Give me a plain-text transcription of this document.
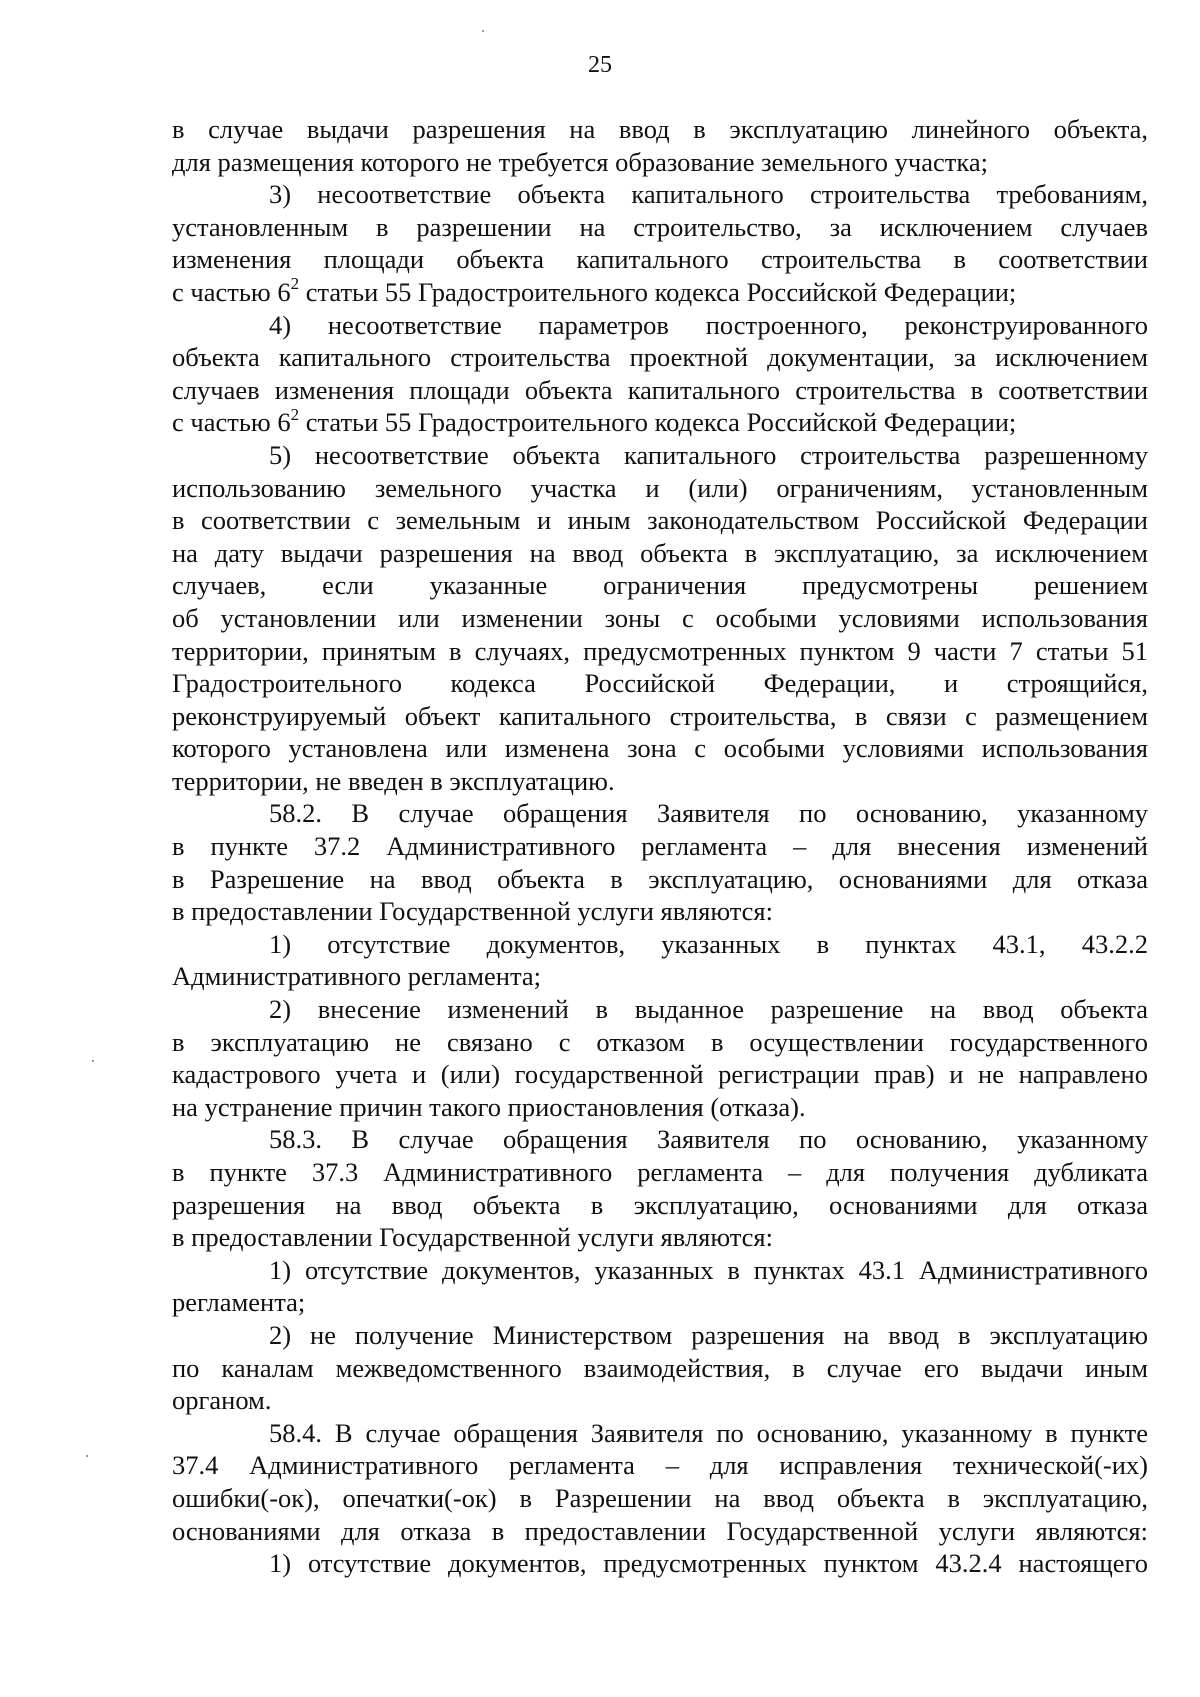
25
в случае выдачи разрешения на ввод в эксплуатацию линейного объекта,
для размещения которого не требуется образование земельного участка;
3) несоответствие объекта капитального строительства требованиям,
установленным в разрешении на строительство, за исключением случаев
изменения площади объекта капитального строительства в соответствии
с частью $6^2$ статьи 55 Градостроительного кодекса Российской Федерации;
4) несоответствие параметров построенного, реконструированного
объекта капитального строительства проектной документации, за исключением
случаев изменения площади объекта капитального строительства в соответствии
с частью $6^2$ статьи 55 Градостроительного кодекса Российской Федерации;
5) несоответствие объекта капитального строительства разрешенному
использованию земельного участка и (или) ограничениям, установленным
в соответствии с земельным и иным законодательством Российской Федерации
на дату выдачи разрешения на ввод объекта в эксплуатацию, за исключением
случаев, если указанные ограничения предусмотрены решением
об установлении или изменении зоны с особыми условиями использования
территории, принятым в случаях, предусмотренных пунктом 9 части 7 статьи 51
Градостроительного кодекса Российской Федерации, и строящийся,
реконструируемый объект капитального строительства, в связи с размещением
которого установлена или изменена зона с особыми условиями использования
территории, не введен в эксплуатацию.
58.2. В случае обращения Заявителя по основанию, указанному
в пункте 37.2 Административного регламента – для внесения изменений
в Разрешение на ввод объекта в эксплуатацию, основаниями для отказа
в предоставлении Государственной услуги являются:
1) отсутствие документов, указанных в пунктах 43.1, 43.2.2
Административного регламента;
2) внесение изменений в выданное разрешение на ввод объекта
в эксплуатацию не связано с отказом в осуществлении государственного
кадастрового учета и (или) государственной регистрации прав) и не направлено
на устранение причин такого приостановления (отказа).
58.3. В случае обращения Заявителя по основанию, указанному
в пункте 37.3 Административного регламента – для получения дубликата
разрешения на ввод объекта в эксплуатацию, основаниями для отказа
в предоставлении Государственной услуги являются:
1) отсутствие документов, указанных в пунктах 43.1 Административного
регламента;
2) не получение Министерством разрешения на ввод в эксплуатацию
по каналам межведомственного взаимодействия, в случае его выдачи иным
органом.
58.4. В случае обращения Заявителя по основанию, указанному в пункте
37.4 Административного регламента – для исправления технической(-их)
ошибки(-ок), опечатки(-ок) в Разрешении на ввод объекта в эксплуатацию,
основаниями для отказа в предоставлении Государственной услуги являются:
1) отсутствие документов, предусмотренных пунктом 43.2.4 настоящего
